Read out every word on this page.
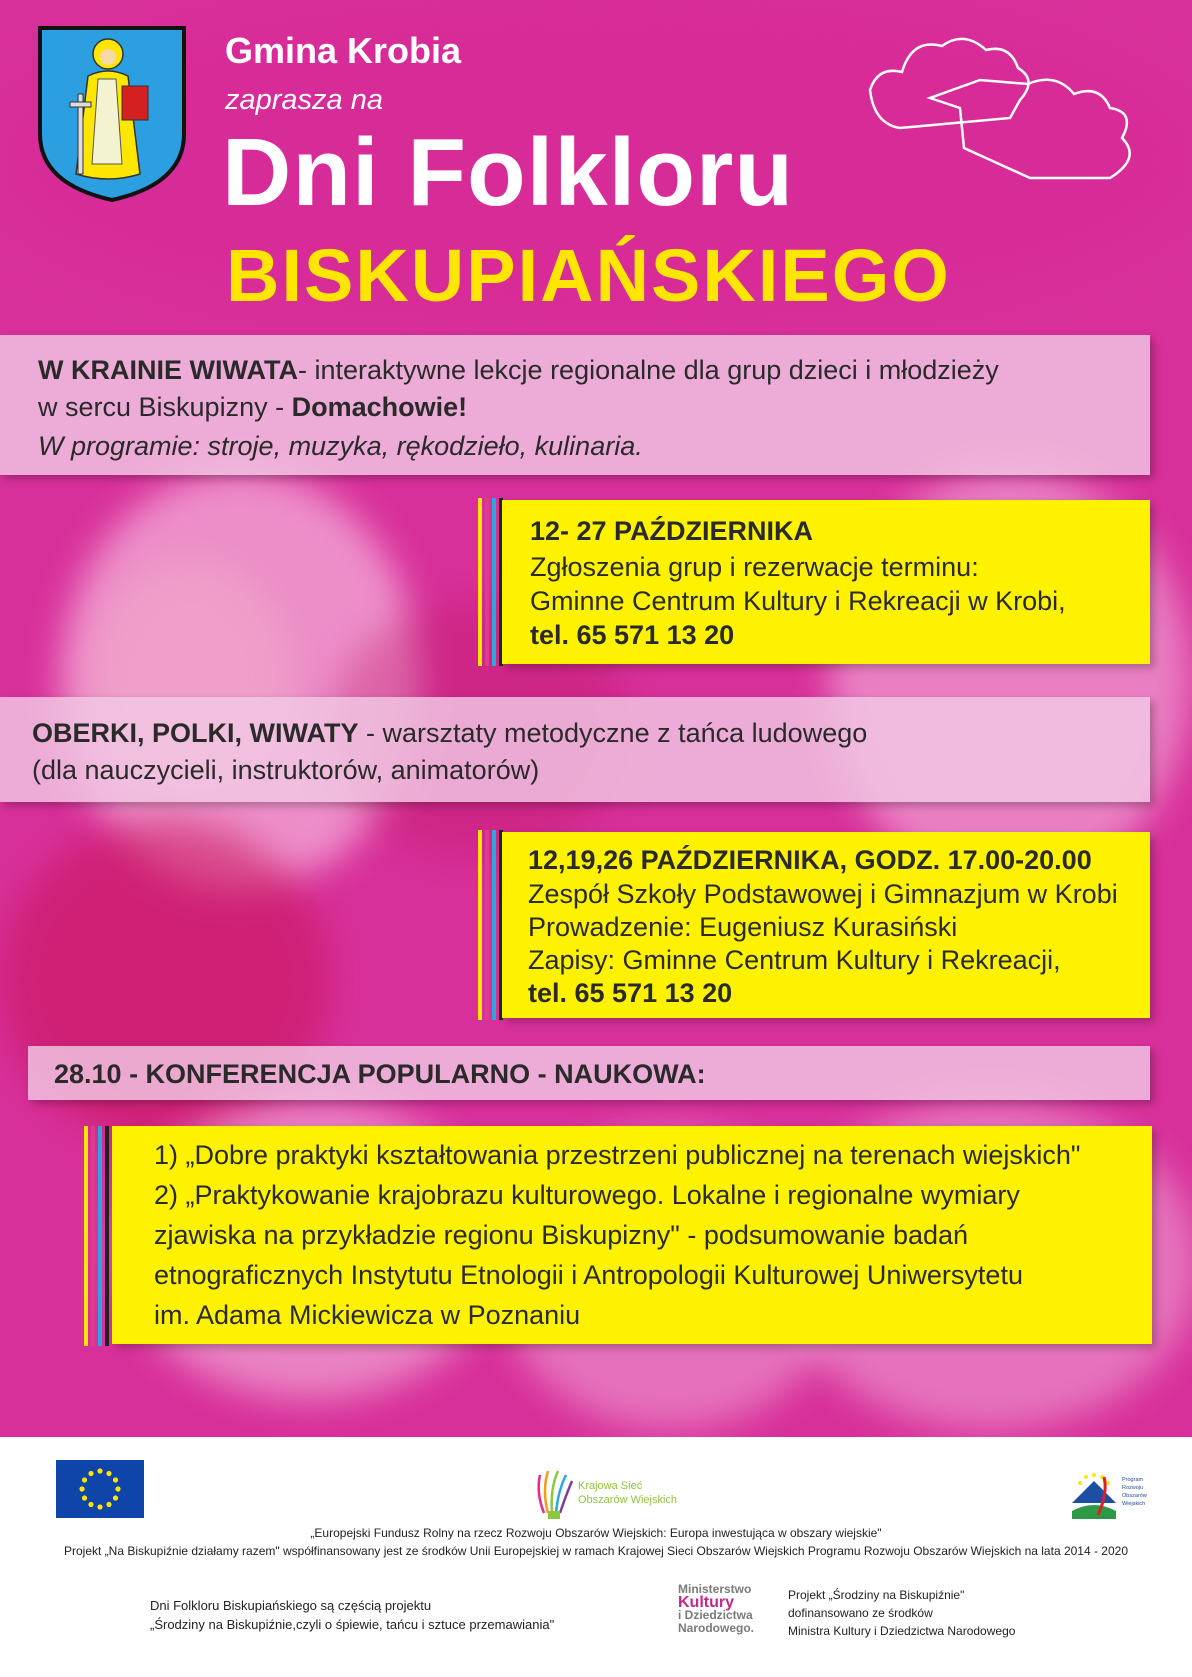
Gmina Krobia
zaprasza na
Dni Folkloru
BISKUPIAŃSKIEGO
W KRAINIE WIWATA- interaktywne lekcje regionalne dla grup dzieci i młodzieży
w sercu Biskupizny - Domachowie!
W programie: stroje, muzyka, rękodzieło, kulinaria.
12- 27 PAŹDZIERNIKA
Zgłoszenia grup i rezerwacje terminu:
Gminne Centrum Kultury i Rekreacji w Krobi,
tel. 65 571 13 20
OBERKI, POLKI, WIWATY - warsztaty metodyczne z tańca ludowego
(dla nauczycieli, instruktorów, animatorów)
12,19,26 PAŹDZIERNIKA, GODZ. 17.00-20.00
Zespół Szkoły Podstawowej i Gimnazjum w Krobi
Prowadzenie: Eugeniusz Kurasiński
Zapisy: Gminne Centrum Kultury i Rekreacji,
tel. 65 571 13 20
28.10 - KONFERENCJA POPULARNO - NAUKOWA:
1) „Dobre praktyki kształtowania przestrzeni publicznej na terenach wiejskich"
2) „Praktykowanie krajobrazu kulturowego. Lokalne i regionalne wymiary
zjawiska na przykładzie regionu Biskupizny" - podsumowanie badań
etnograficznych Instytutu Etnologii i Antropologii Kulturowej Uniwersytetu
im. Adama Mickiewicza w Poznaniu
Krajowa Sieć
Obszarów Wiejskich
Program
Rozwoju
Obszarów
Wiejskich
„Europejski Fundusz Rolny na rzecz Rozwoju Obszarów Wiejskich: Europa inwestująca w obszary wiejskie"
Projekt „Na Biskupiźnie działamy razem" współfinansowany jest ze środków Unii Europejskiej w ramach Krajowej Sieci Obszarów Wiejskich Programu Rozwoju Obszarów Wiejskich na lata 2014 - 2020
Dni Folkloru Biskupiańskiego są częścią projektu
„Środziny na Biskupiźnie,czyli o śpiewie, tańcu i sztuce przemawiania"
Ministerstwo
Kultury
i Dziedzictwa
Narodowego.
Projekt „Środziny na Biskupiźnie"
dofinansowano ze środków
Ministra Kultury i Dziedzictwa Narodowego
